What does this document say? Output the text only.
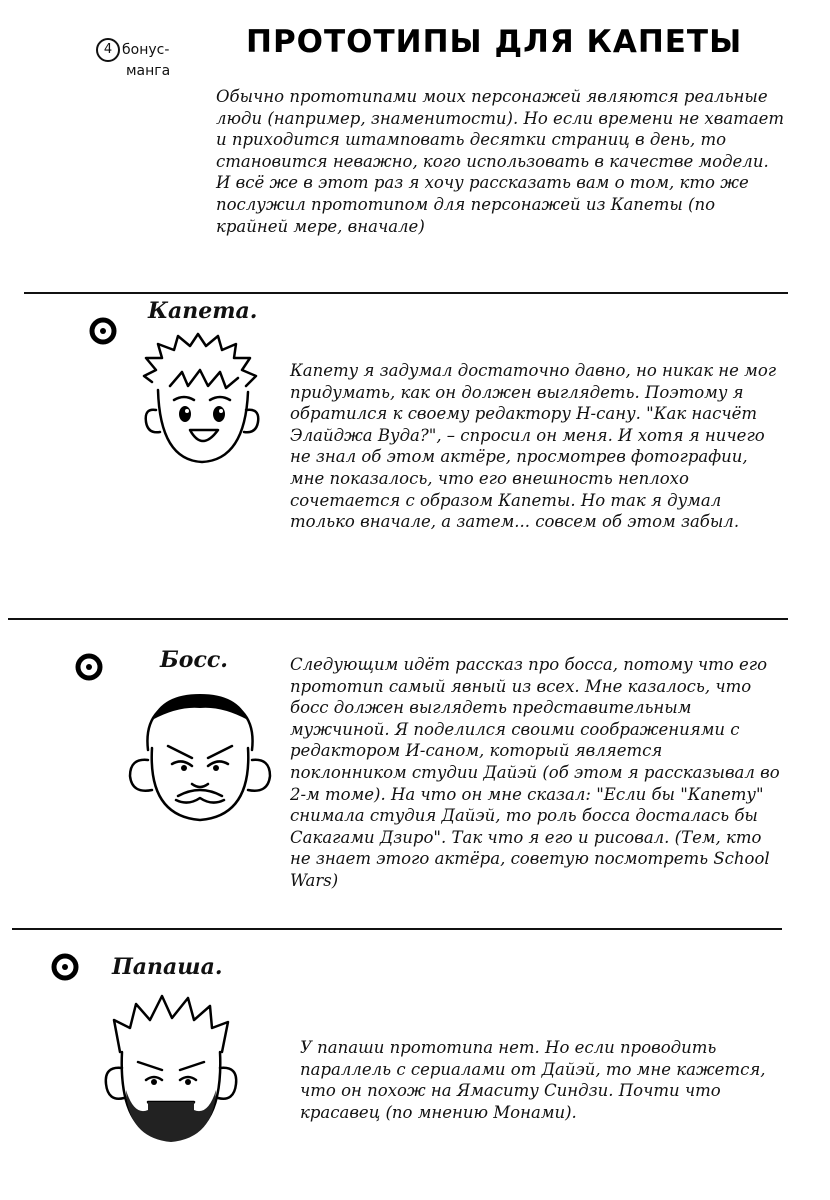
4 бонус-
манга
ПРОТОТИПЫ ДЛЯ КАПЕТЫ
Обычно прототипами моих персонажей являются реальные люди (например, знаменитости). Но если времени не хватает и приходится штамповать десятки страниц в день, то становится неважно, кого использовать в качестве модели. И всё же в этот раз я хочу рассказать вам о том, кто же послужил прототипом для персонажей из Капеты (по крайней мере, вначале)
Капета.
Капету я задумал достаточно давно, но никак не мог придумать, как он должен выглядеть. Поэтому я обратился к своему редактору Н-сану. "Как насчёт Элайджа Вуда?", – спросил он меня. И хотя я ничего не знал об этом актёре, просмотрев фотографии, мне показалось, что его внешность неплохо сочетается с образом Капеты. Но так я думал только вначале, а затем... совсем об этом забыл.
Босс.	Следующим идёт рассказ про босса, потому что его прототип самый явный из всех. Мне казалось, что босс должен выглядеть представительным мужчиной. Я поделился своими соображениями с редактором И-саном, который является поклонником студии Дайэй (об этом я рассказывал во 2-м томе). На что он мне сказал: "Если бы "Капету" снимала студия Дайэй, то роль босса досталась бы Сакагами Дзиро". Так что я его и рисовал. (Тем, кто не знает этого актёра, советую посмотреть School Wars)
Папаша.
У папаши прототипа нет. Но если проводить параллель с сериалами от Дайэй, то мне кажется, что он похож на Ямаситу Синдзи. Почти что красавец (по мнению Монами).
